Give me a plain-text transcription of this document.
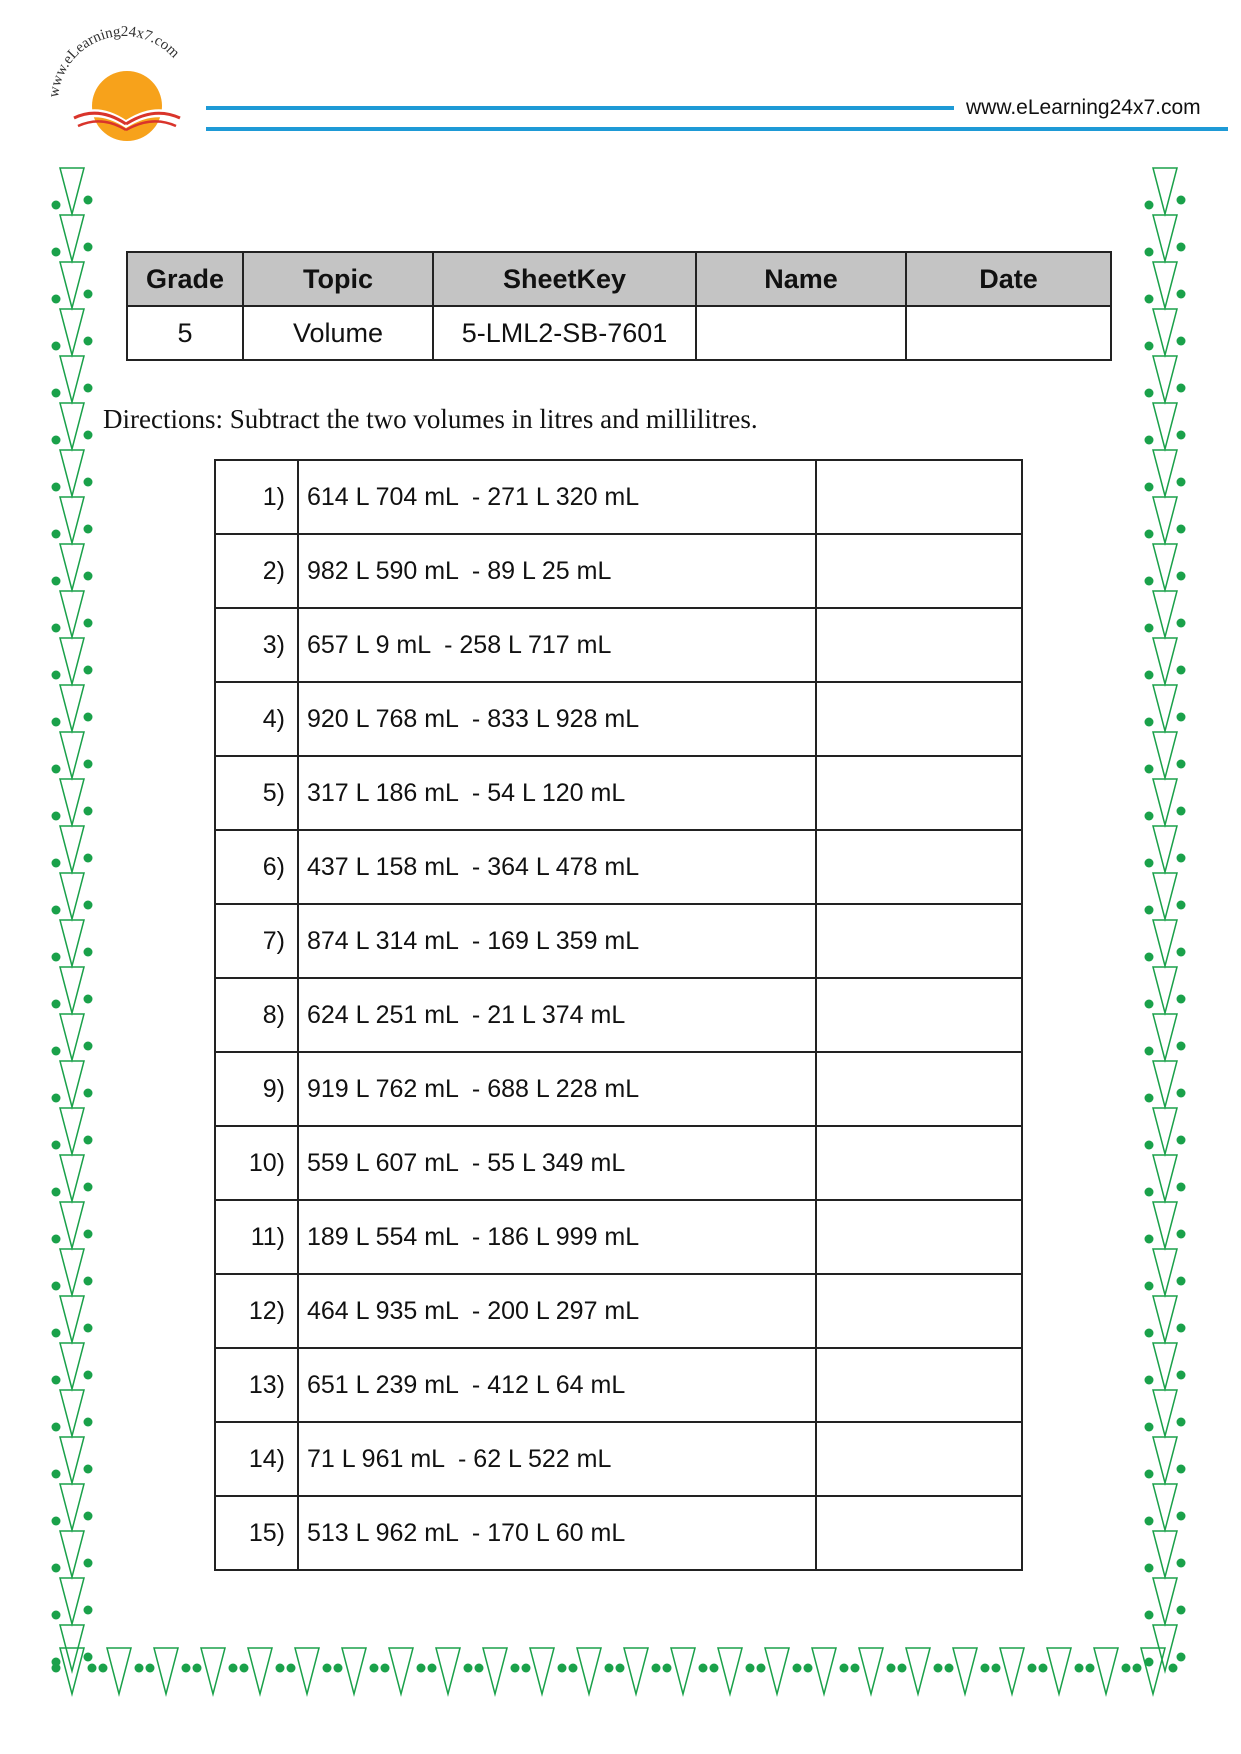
www.eLearning24x7.com
www.eLearning24x7.com
Grade	Topic	SheetKey	Name	Date
5	Volume	5-LML2-SB-7601		
Directions: Subtract the two volumes in litres and millilitres.
1)	614 L 704 mL  - 271 L 320 mL	
2)	982 L 590 mL  - 89 L 25 mL	
3)	657 L 9 mL  - 258 L 717 mL	
4)	920 L 768 mL  - 833 L 928 mL	
5)	317 L 186 mL  - 54 L 120 mL	
6)	437 L 158 mL  - 364 L 478 mL	
7)	874 L 314 mL  - 169 L 359 mL	
8)	624 L 251 mL  - 21 L 374 mL	
9)	919 L 762 mL  - 688 L 228 mL	
10)	559 L 607 mL  - 55 L 349 mL	
11)	189 L 554 mL  - 186 L 999 mL	
12)	464 L 935 mL  - 200 L 297 mL	
13)	651 L 239 mL  - 412 L 64 mL	
14)	71 L 961 mL  - 62 L 522 mL	
15)	513 L 962 mL  - 170 L 60 mL	
